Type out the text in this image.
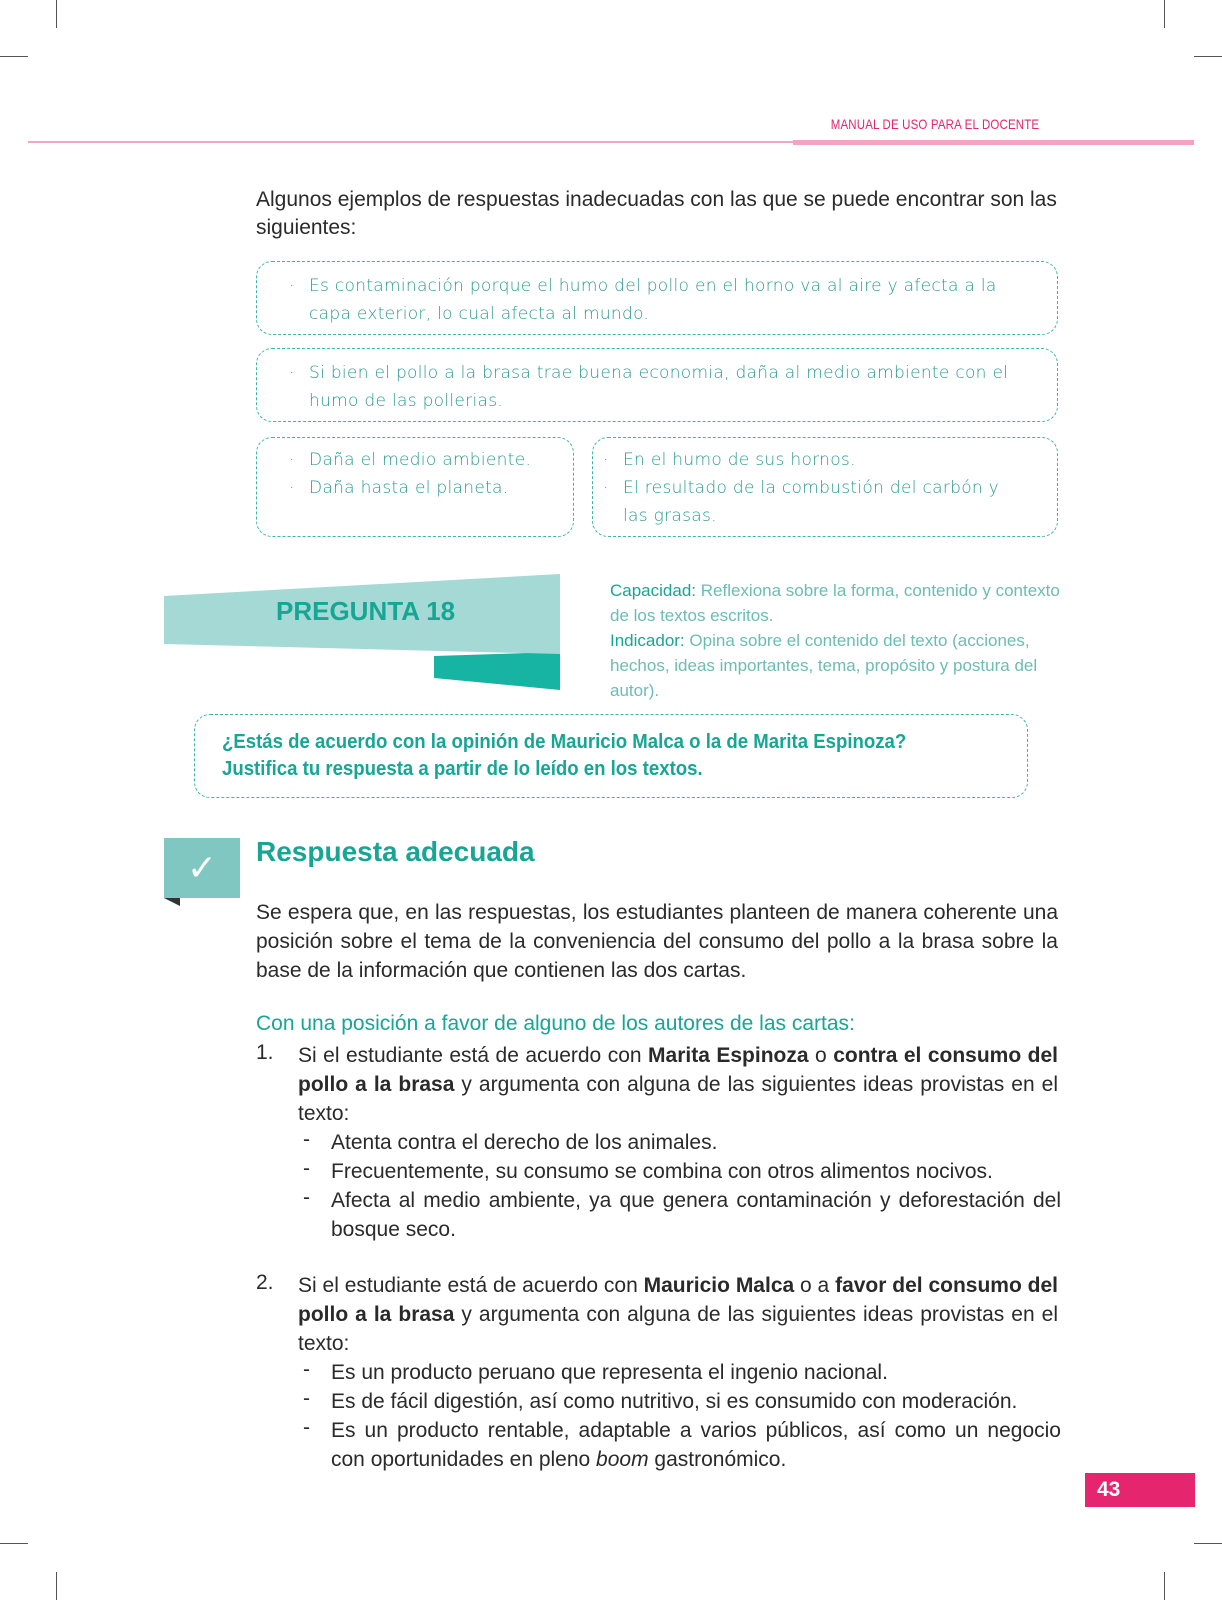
MANUAL DE USO PARA EL DOCENTE
Algunos ejemplos de respuestas inadecuadas con las que se puede encontrar son las siguientes:
· Es contaminación porque el humo del pollo en el horno va al aire y afecta a la capa exterior, lo cual afecta al mundo.
· Si bien el pollo a la brasa trae buena economia, daña al medio ambiente con el humo de las pollerias.
· Daña el medio ambiente.
· Daña hasta el planeta.
· En el humo de sus hornos.
· El resultado de la combustión del carbón y las grasas.
PREGUNTA 18
Capacidad: Reflexiona sobre la forma, contenido y contexto de los textos escritos.
Indicador: Opina sobre el contenido del texto (acciones, hechos, ideas importantes, tema, propósito y postura del autor).
¿Estás de acuerdo con la opinión de Mauricio Malca o la de Marita Espinoza?
Justifica tu respuesta a partir de lo leído en los textos.
✓	Respuesta adecuada
Se espera que, en las respuestas, los estudiantes planteen de manera coherente una posición sobre el tema de la conveniencia del consumo del pollo a la brasa sobre la base de la información que contienen las dos cartas.
Con una posición a favor de alguno de los autores de las cartas:
1. Si el estudiante está de acuerdo con Marita Espinoza o contra el consumo del pollo a la brasa y argumenta con alguna de las siguientes ideas provistas en el texto:
- Atenta contra el derecho de los animales.
- Frecuentemente, su consumo se combina con otros alimentos nocivos.
- Afecta al medio ambiente, ya que genera contaminación y deforestación del bosque seco.
2. Si el estudiante está de acuerdo con Mauricio Malca o a favor del consumo del pollo a la brasa y argumenta con alguna de las siguientes ideas provistas en el texto:
- Es un producto peruano que representa el ingenio nacional.
- Es de fácil digestión, así como nutritivo, si es consumido con moderación.
- Es un producto rentable, adaptable a varios públicos, así como un negocio con oportunidades en pleno boom gastronómico.
43
